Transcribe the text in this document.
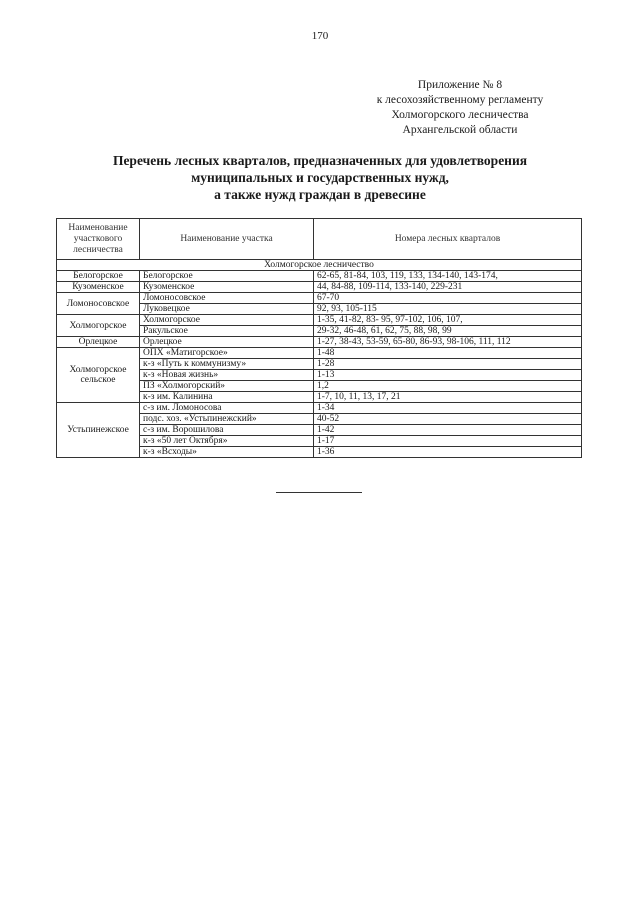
170
Приложение № 8
к лесохозяйственному регламенту
Холмогорского лесничества
Архангельской области
Перечень лесных кварталов, предназначенных для удовлетворения
муниципальных и государственных нужд,
а также нужд граждан в древесине
Наименование участкового лесничества	Наименование участка	Номера лесных кварталов
Холмогорское лесничество		
Белогорское	Белогорское	62-65, 81-84, 103, 119, 133, 134-140, 143-174,
Кузоменское	Кузоменское	44, 84-88, 109-114, 133-140, 229-231
Ломоносовское	Ломоносовское	67-70
	Луковецкое	92, 93, 105-115
Холмогорское	Холмогорское	1-35, 41-82, 83- 95, 97-102, 106, 107,
	Ракульское	29-32, 46-48, 61, 62, 75, 88, 98, 99
Орлецкое	Орлецкое	1-27, 38-43, 53-59, 65-80, 86-93, 98-106, 111, 112
Холмогорское сельское	ОПХ «Матигорское»	1-48
	к-з «Путь к коммунизму»	1-28
	к-з «Новая жизнь»	1-13
	ПЗ «Холмогорский»	1,2
	к-з им. Калинина	1-7, 10, 11, 13, 17, 21
Устьпинежское	с-з им. Ломоносова	1-34
	подс. хоз. «Устьпинежский»	40-52
	с-з им. Ворошилова	1-42
	к-з «50 лет Октября»	1-17
	к-з «Всходы»	1-36
